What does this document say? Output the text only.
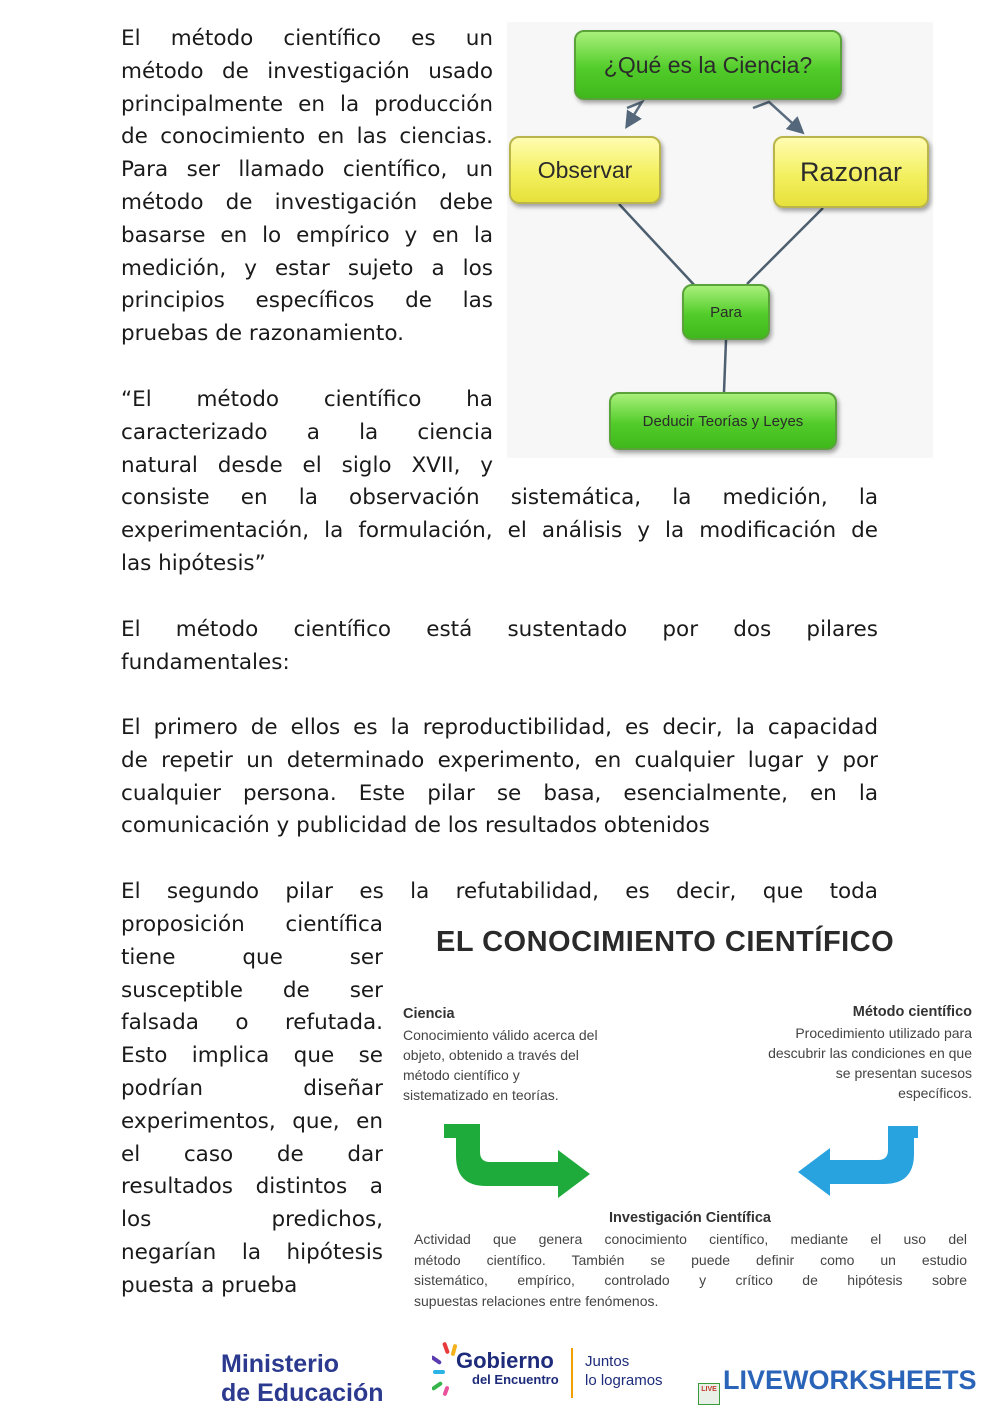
El método científico es un
método de investigación usado
principalmente en la producción
de conocimiento en las ciencias.
Para ser llamado científico, un
método de investigación debe
basarse en lo empírico y en la
medición, y estar sujeto a los
principios específicos de las
pruebas de razonamiento.
“El método científico ha
caracterizado a la ciencia
natural desde el siglo XVII, y
consiste en la observación sistemática, la medición, la
experimentación, la formulación, el análisis y la modificación de
las hipótesis”
El método científico está sustentado por dos pilares
fundamentales:
El primero de ellos es la reproductibilidad, es decir, la capacidad
de repetir un determinado experimento, en cualquier lugar y por
cualquier persona. Este pilar se basa, esencialmente, en la
comunicación y publicidad de los resultados obtenidos
El segundo pilar es la refutabilidad, es decir, que toda
proposición científica
tiene que ser
susceptible de ser
falsada o refutada.
Esto implica que se
podrían diseñar
experimentos, que, en
el caso de dar
resultados distintos a
los predichos,
negarían la hipótesis
puesta a prueba
¿Qué es la Ciencia?
Observar	Razonar
Para
Deducir Teorías y Leyes
EL CONOCIMIENTO CIENTÍFICO
Ciencia
Conocimiento válido acerca del
objeto, obtenido a través del
método científico y
sistematizado en teorías.
Método científico
Procedimiento utilizado para
descubrir las condiciones en que
se presentan sucesos
específicos.
Investigación Científica
Actividad que genera conocimiento científico, mediante el uso del
método científico. También se puede definir como un estudio
sistemático, empírico, controlado y crítico de hipótesis sobre
supuestas relaciones entre fenómenos.
Ministerio
de Educación
Gobierno
del Encuentro
Juntos
lo logramos
LIVE LIVEWORKSHEETS
